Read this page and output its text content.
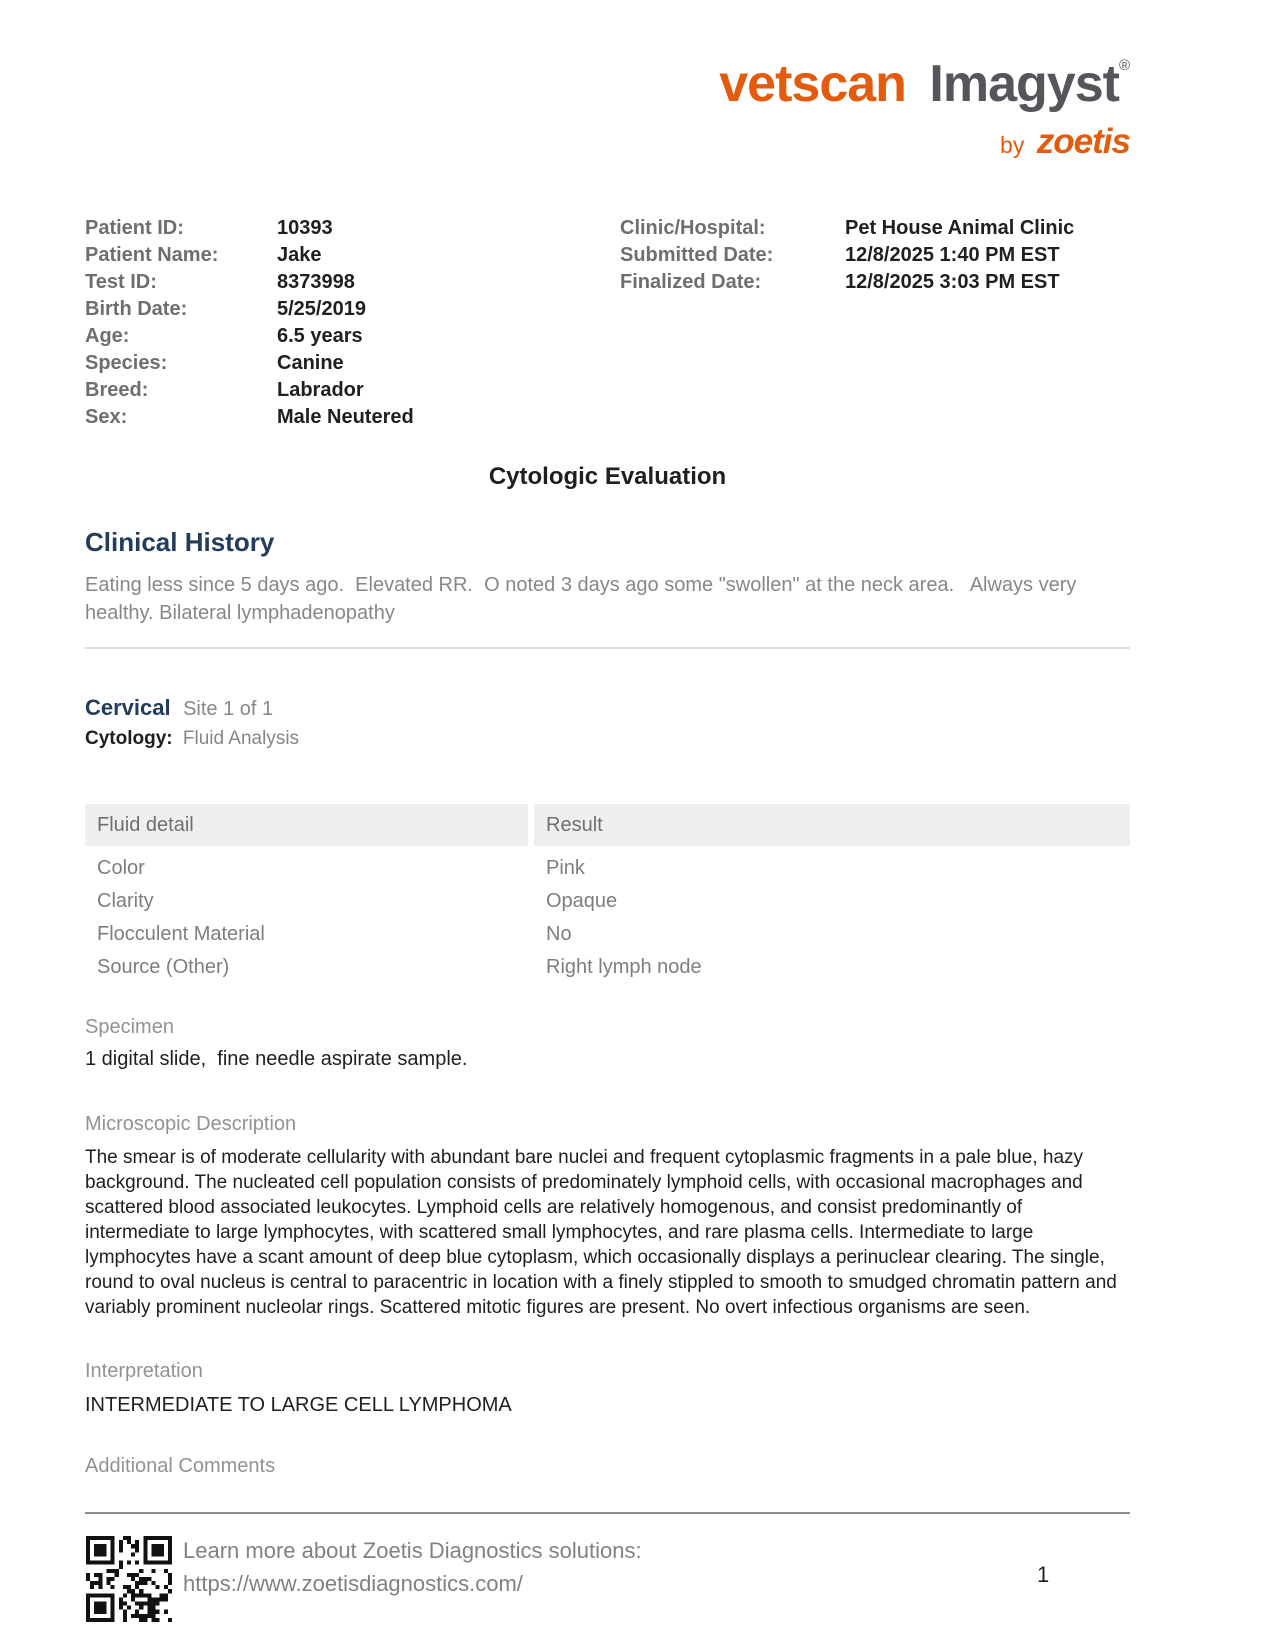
vetscan Imagyst®
by zoetis
Patient ID:	10393
Patient Name:	Jake
Test ID:	8373998
Birth Date:	5/25/2019
Age:	6.5 years
Species:	Canine
Breed:	Labrador
Sex:	Male Neutered
Clinic/Hospital:	Pet House Animal Clinic
Submitted Date:	12/8/2025 1:40 PM EST
Finalized Date:	12/8/2025 3:03 PM EST
Cytologic Evaluation
Clinical History

Eating less since 5 days ago.  Elevated RR.  O noted 3 days ago some "swollen" at the neck area.   Always very healthy. Bilateral lymphadenopathy

Cervical Site 1 of 1
Cytology: Fluid Analysis
Fluid detail	Result
Color	Pink
Clarity	Opaque
Flocculent Material	No
Source (Other)	Right lymph node
Specimen

1 digital slide,  fine needle aspirate sample.

Microscopic Description

The smear is of moderate cellularity with abundant bare nuclei and frequent cytoplasmic fragments in a pale blue, hazy background. The nucleated cell population consists of predominately lymphoid cells, with occasional macrophages and scattered blood associated leukocytes. Lymphoid cells are relatively homogenous, and consist predominantly of intermediate to large lymphocytes, with scattered small lymphocytes, and rare plasma cells. Intermediate to large lymphocytes have a scant amount of deep blue cytoplasm, which occasionally displays a perinuclear clearing. The single, round to oval nucleus is central to paracentric in location with a finely stippled to smooth to smudged chromatin pattern and variably prominent nucleolar rings. Scattered mitotic figures are present. No overt infectious organisms are seen.

Interpretation

INTERMEDIATE TO LARGE CELL LYMPHOMA

Additional Comments
Learn more about Zoetis Diagnostics solutions:
https://www.zoetisdiagnostics.com/	1
